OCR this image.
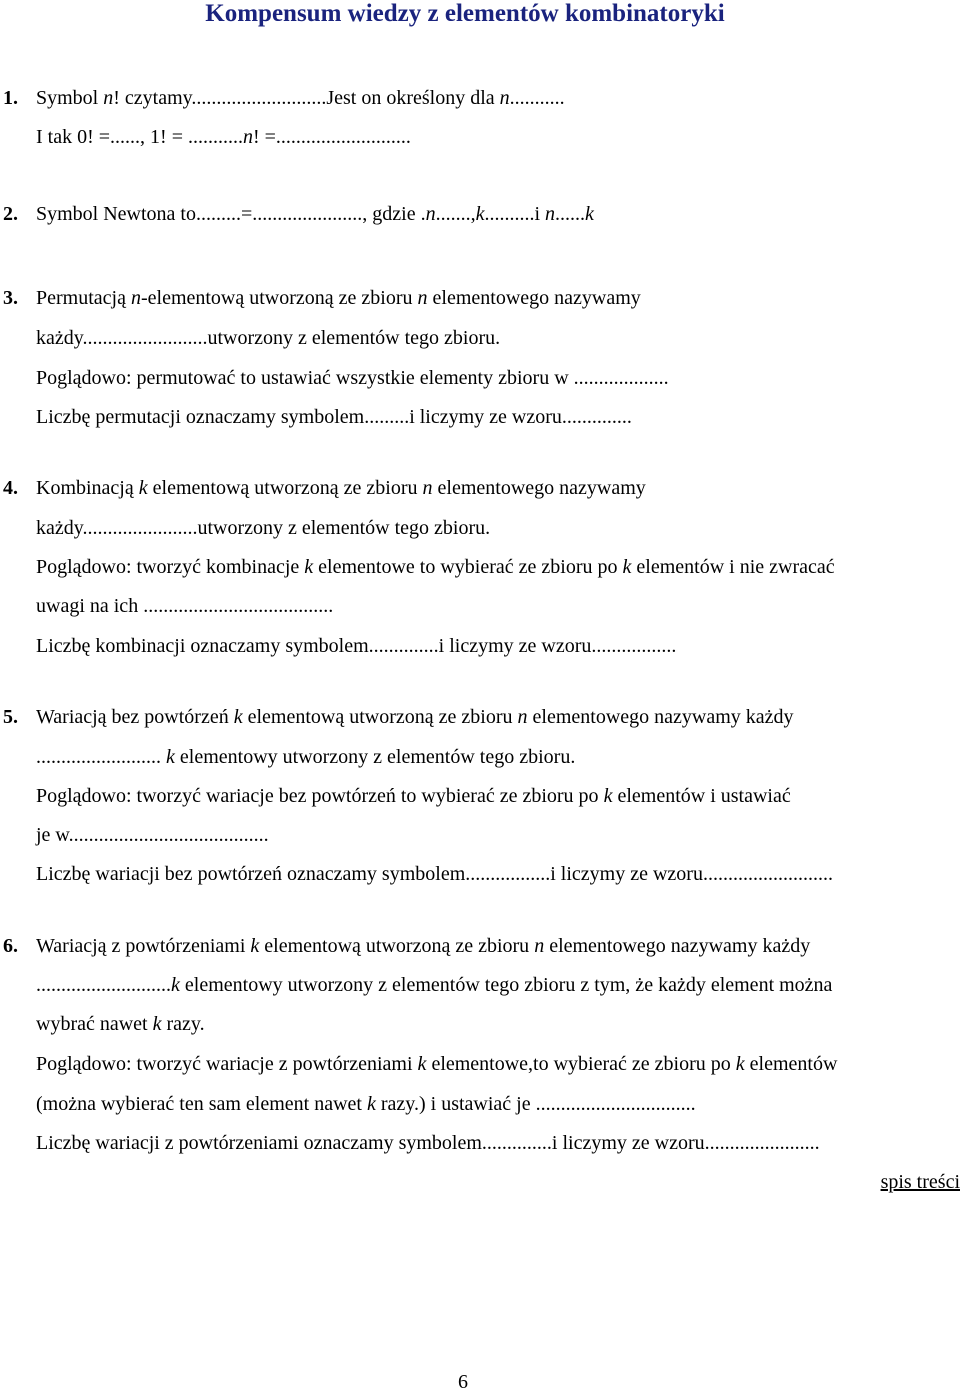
Kompensum wiedzy z elementów kombinatoryki
1. Symbol n! czytamy...........................Jest on określony dla n...........
I tak 0! =......, 1! = ...........n! =...........................
2. Symbol Newtona to.........=......................, gdzie .n.......,k..........i n......k
3. Permutacją n-elementową utworzoną ze zbioru n elementowego nazywamy
każdy.........................utworzony z elementów tego zbioru.
Poglądowo: permutować to ustawiać wszystkie elementy zbioru w ...................
Liczbę permutacji oznaczamy symbolem.........i liczymy ze wzoru..............
4. Kombinacją k elementową utworzoną ze zbioru n elementowego nazywamy
każdy.......................utworzony z elementów tego zbioru.
Poglądowo: tworzyć kombinacje k elementowe to wybierać ze zbioru po k elementów i nie zwracać
uwagi na ich ......................................
Liczbę kombinacji oznaczamy symbolem..............i liczymy ze wzoru.................
5. Wariacją bez powtórzeń k elementową utworzoną ze zbioru n elementowego nazywamy każdy
......................... k elementowy utworzony z elementów tego zbioru.
Poglądowo: tworzyć wariacje bez powtórzeń to wybierać ze zbioru po k elementów i ustawiać
je w........................................
Liczbę wariacji bez powtórzeń oznaczamy symbolem.................i liczymy ze wzoru..........................
6. Wariacją z powtórzeniami k elementową utworzoną ze zbioru n elementowego nazywamy każdy
...........................k elementowy utworzony z elementów tego zbioru z tym, że każdy element można
wybrać nawet k razy.
Poglądowo: tworzyć wariacje z powtórzeniami k elementowe,to wybierać ze zbioru po k elementów
(można wybierać ten sam element nawet k razy.) i ustawiać je ................................
Liczbę wariacji z powtórzeniami oznaczamy symbolem..............i liczymy ze wzoru.......................
spis treści
6
